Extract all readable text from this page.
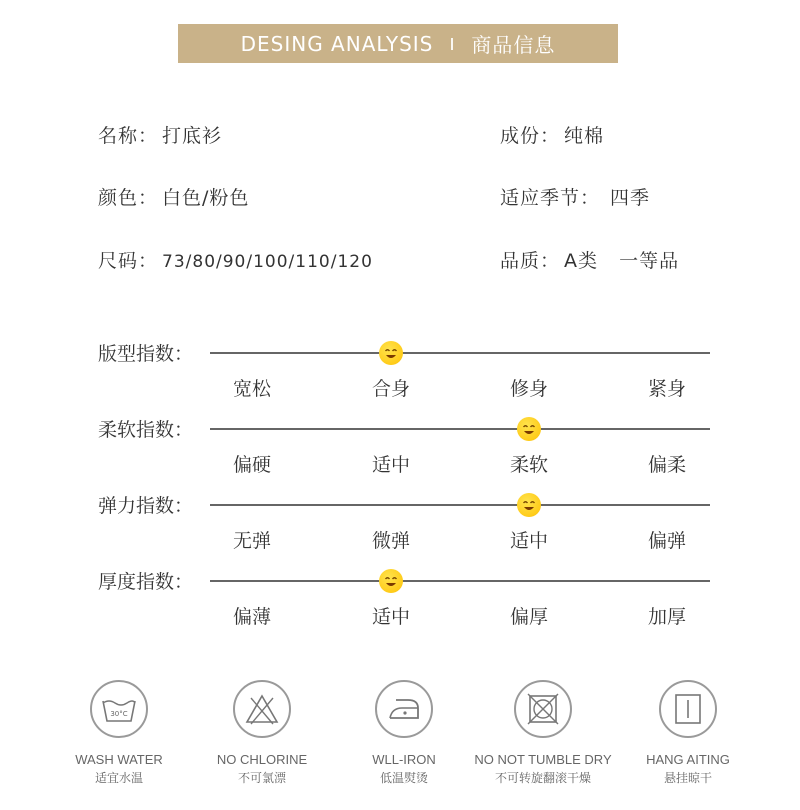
DESING ANALYSIS 商品信息
名称： 打底衫	成份： 纯棉
颜色： 白色/粉色	适应季节： 四季
尺码： 73/80/90/100/110/120	品质： A类   一等品
版型指数：
宽松	合身	修身	紧身
柔软指数：
偏硬	适中	柔软	偏柔
弹力指数：
无弹	微弹	适中	偏弹
厚度指数：
偏薄	适中	偏厚	加厚
30°C
WASH WATER
适宜水温
NO CHLORINE
不可氯漂
WLL-IRON
低温熨烫
NO NOT TUMBLE DRY
不可转旋翻滚干燥
HANG AITING
悬挂晾干
